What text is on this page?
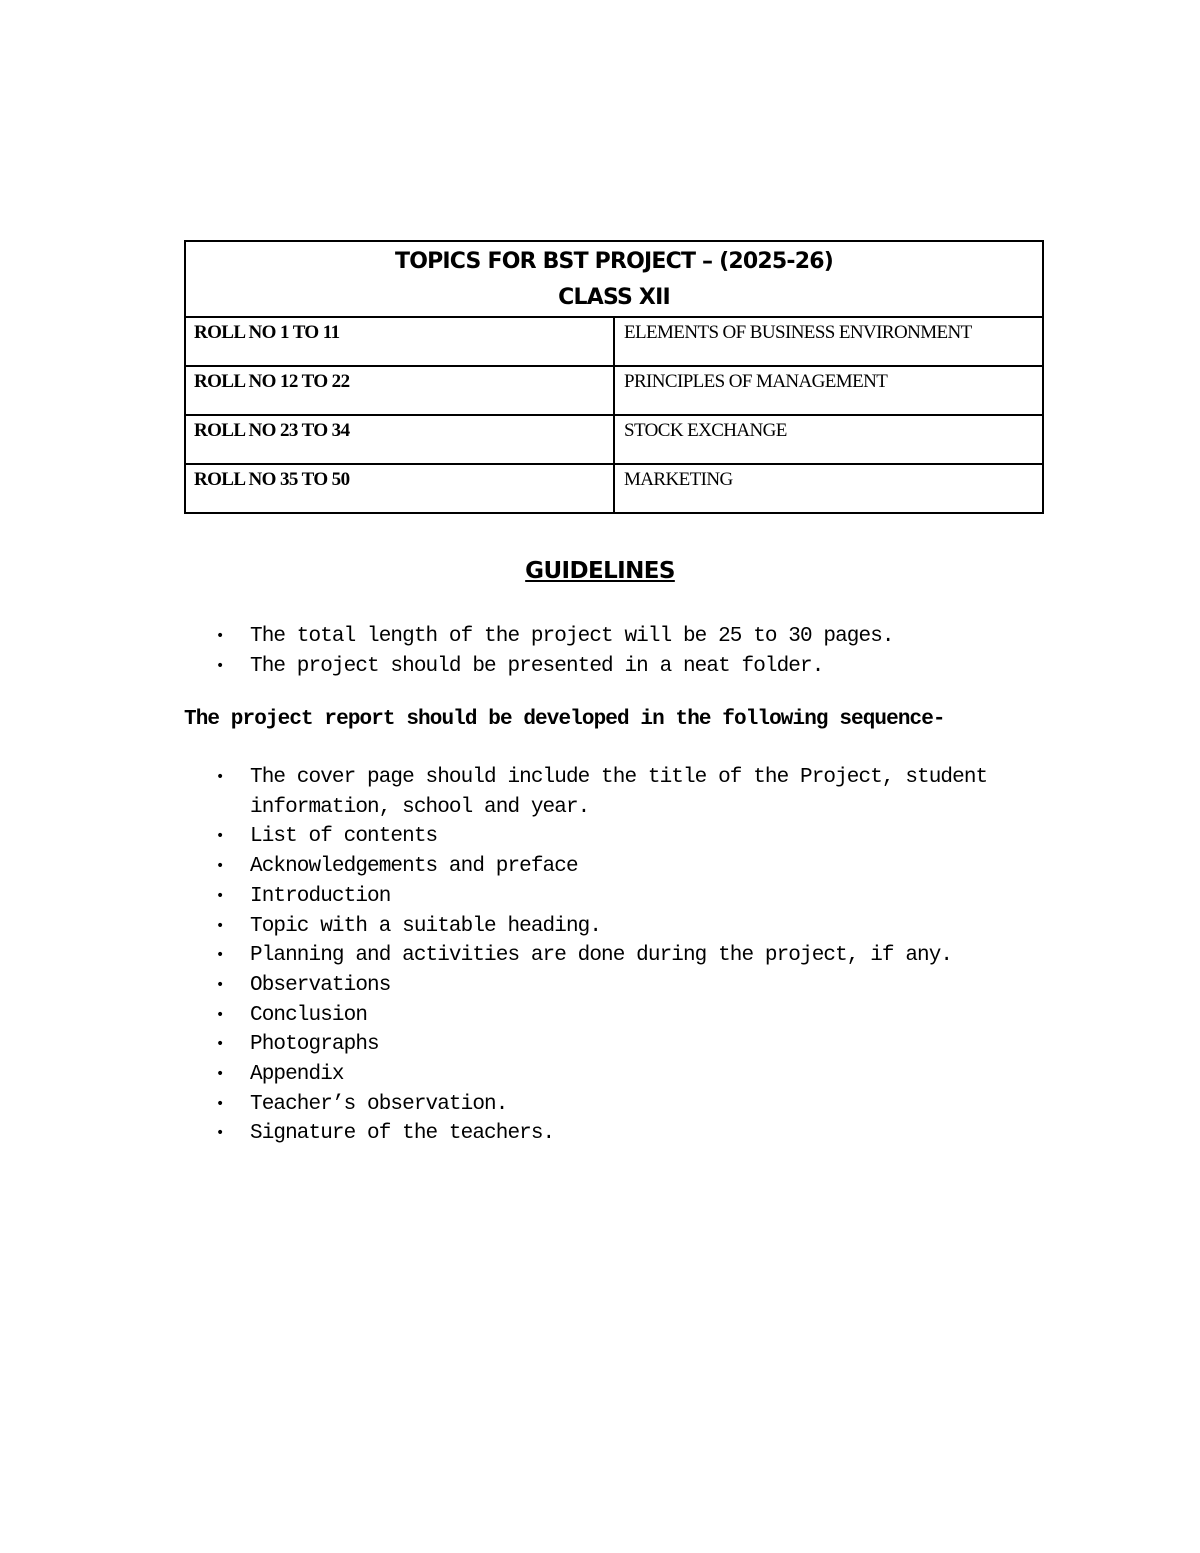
TOPICS FOR BST PROJECT – (2025-26)
CLASS XII	

ROLL NO 1 TO 11	ELEMENTS OF BUSINESS ENVIRONMENT
ROLL NO 12 TO 22	PRINCIPLES OF MANAGEMENT
ROLL NO 23 TO 34	STOCK EXCHANGE
ROLL NO 35 TO 50	MARKETING
GUIDELINES
• The total length of the project will be 25 to 30 pages.
• The project should be presented in a neat folder.

The project report should be developed in the following sequence-

• The cover page should include the title of the Project, student information, school and year.
• List of contents
• Acknowledgements and preface
• Introduction
• Topic with a suitable heading.
• Planning and activities are done during the project, if any.
• Observations
• Conclusion
• Photographs
• Appendix
• Teacher’s observation.
• Signature of the teachers.
